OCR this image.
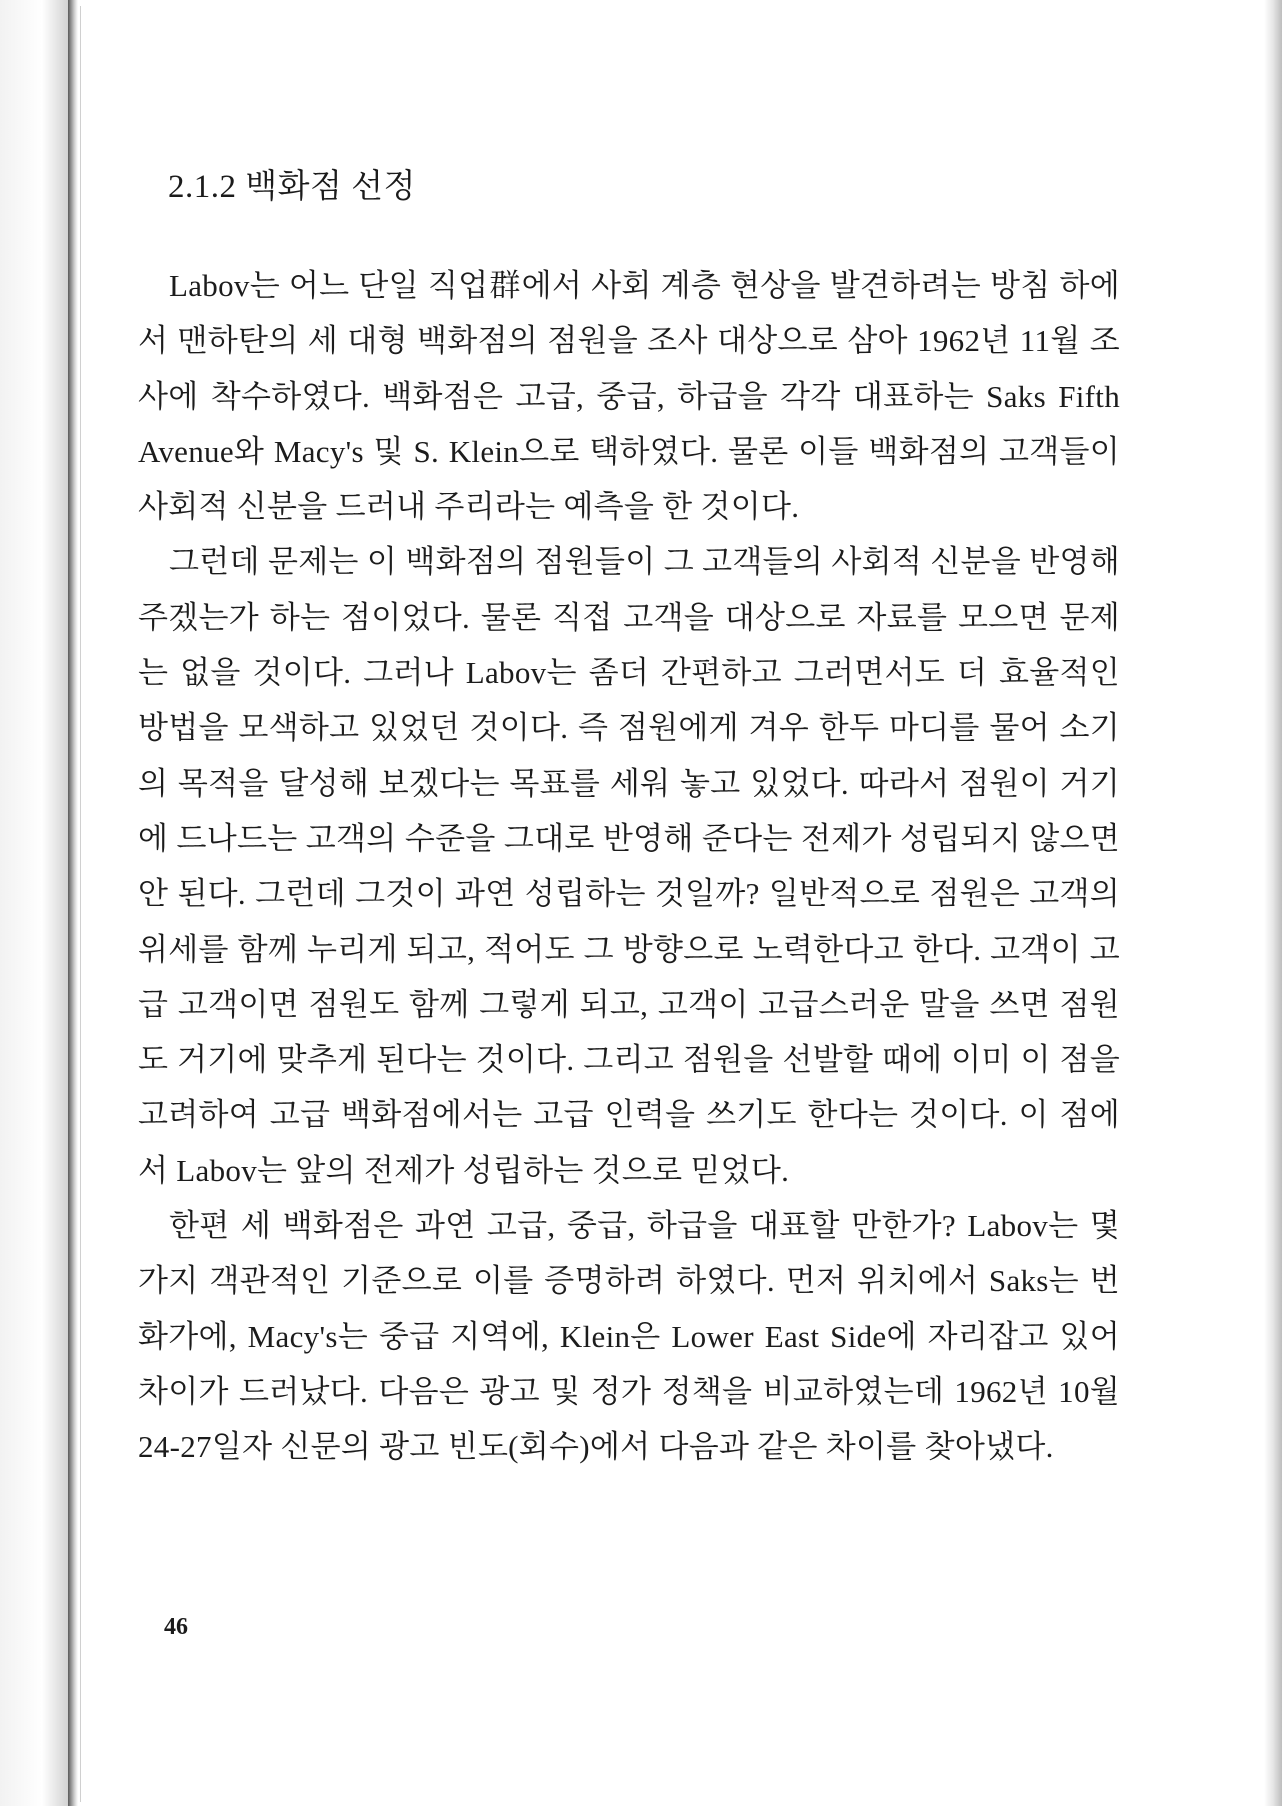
2.1.2 백화점 선정

Labov는 어느 단일 직업群에서 사회 계층 현상을 발견하려는 방침 하에서 맨하탄의 세 대형 백화점의 점원을 조사 대상으로 삼아 1962년 11월 조사에 착수하였다. 백화점은 고급, 중급, 하급을 각각 대표하는 Saks Fifth Avenue와 Macy's 및 S. Klein으로 택하였다. 물론 이들 백화점의 고객들이 사회적 신분을 드러내 주리라는 예측을 한 것이다.

그런데 문제는 이 백화점의 점원들이 그 고객들의 사회적 신분을 반영해 주겠는가 하는 점이었다. 물론 직접 고객을 대상으로 자료를 모으면 문제는 없을 것이다. 그러나 Labov는 좀더 간편하고 그러면서도 더 효율적인 방법을 모색하고 있었던 것이다. 즉 점원에게 겨우 한두 마디를 물어 소기의 목적을 달성해 보겠다는 목표를 세워 놓고 있었다. 따라서 점원이 거기에 드나드는 고객의 수준을 그대로 반영해 준다는 전제가 성립되지 않으면 안 된다. 그런데 그것이 과연 성립하는 것일까? 일반적으로 점원은 고객의 위세를 함께 누리게 되고, 적어도 그 방향으로 노력한다고 한다. 고객이 고급 고객이면 점원도 함께 그렇게 되고, 고객이 고급스러운 말을 쓰면 점원도 거기에 맞추게 된다는 것이다. 그리고 점원을 선발할 때에 이미 이 점을 고려하여 고급 백화점에서는 고급 인력을 쓰기도 한다는 것이다. 이 점에서 Labov는 앞의 전제가 성립하는 것으로 믿었다.

한편 세 백화점은 과연 고급, 중급, 하급을 대표할 만한가? Labov는 몇 가지 객관적인 기준으로 이를 증명하려 하였다. 먼저 위치에서 Saks는 번화가에, Macy's는 중급 지역에, Klein은 Lower East Side에 자리잡고 있어 차이가 드러났다. 다음은 광고 및 정가 정책을 비교하였는데 1962년 10월 24-27일자 신문의 광고 빈도(회수)에서 다음과 같은 차이를 찾아냈다.

46
